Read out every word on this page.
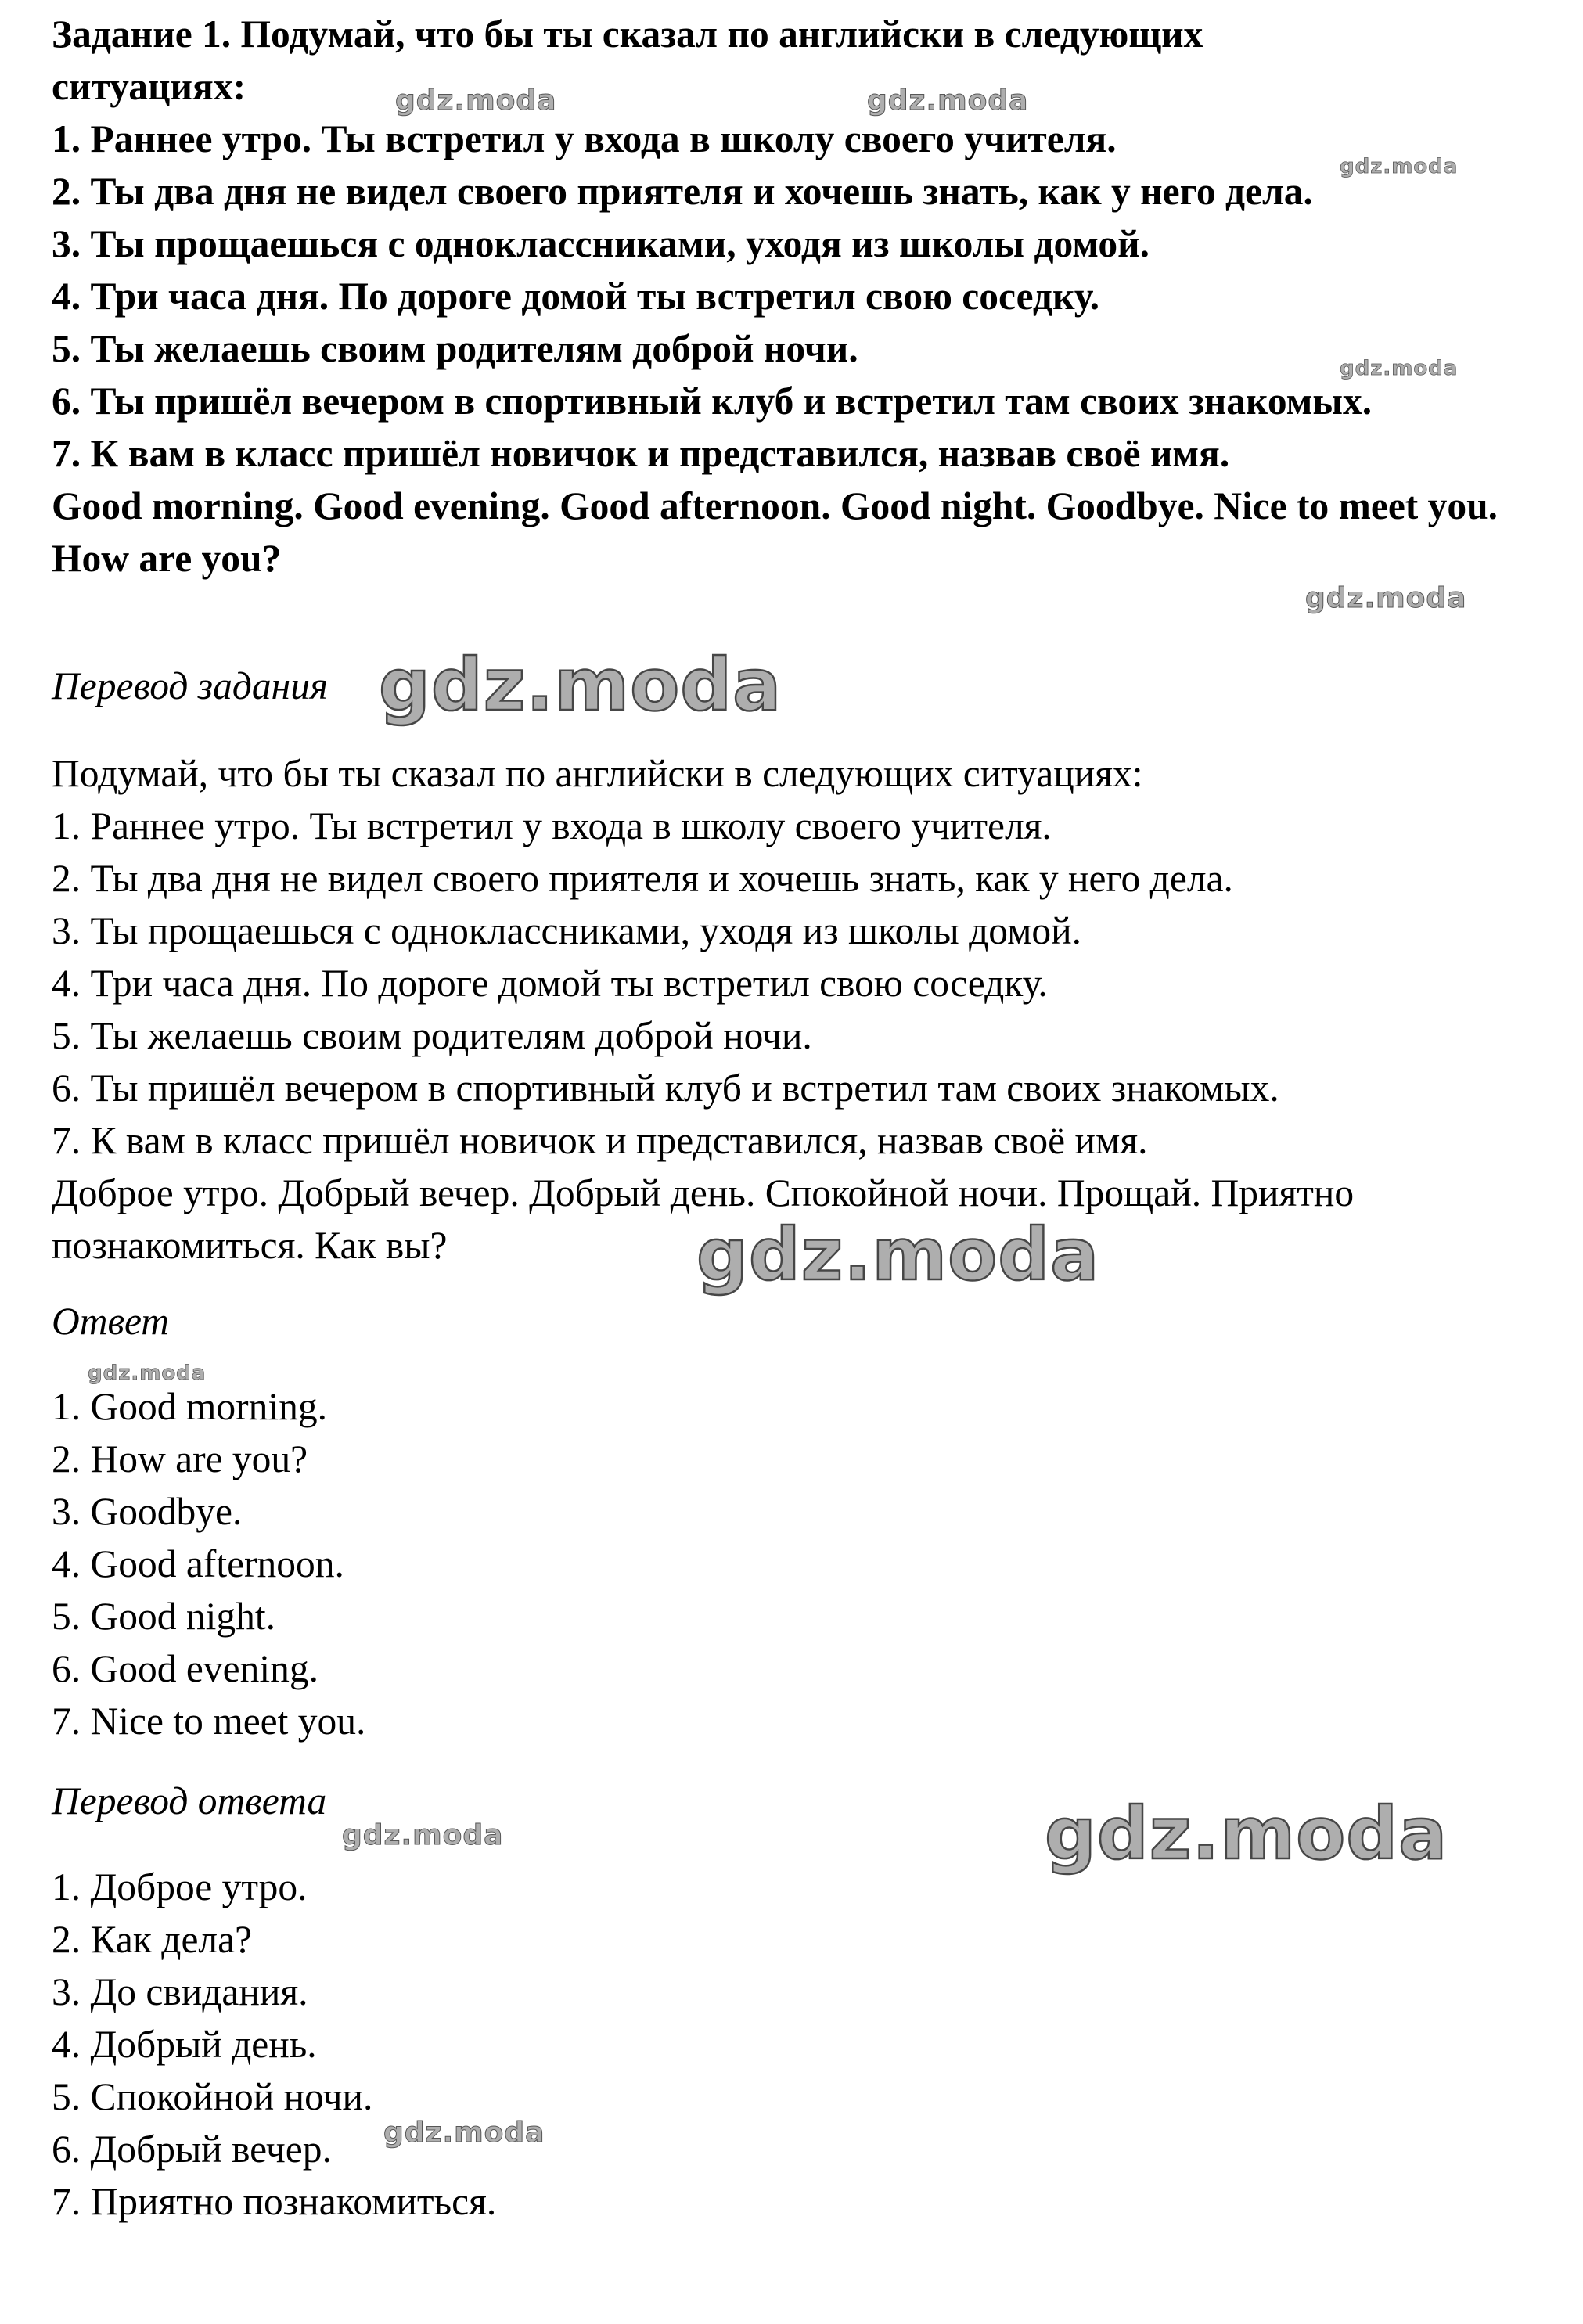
Задание 1. Подумай, что бы ты сказал по английски в следующих
ситуациях:
1. Раннее утро. Ты встретил у входа в школу своего учителя.
2. Ты два дня не видел своего приятеля и хочешь знать, как у него дела.
3. Ты прощаешься с одноклассниками, уходя из школы домой.
4. Три часа дня. По дороге домой ты встретил свою соседку.
5. Ты желаешь своим родителям доброй ночи.
6. Ты пришёл вечером в спортивный клуб и встретил там своих знакомых.
7. К вам в класс пришёл новичок и представился, назвав своё имя.
Good morning. Good evening. Good afternoon. Good night. Goodbye. Nice to meet you. How are you?
Перевод задания
Подумай, что бы ты сказал по английски в следующих ситуациях:
1. Раннее утро. Ты встретил у входа в школу своего учителя.
2. Ты два дня не видел своего приятеля и хочешь знать, как у него дела.
3. Ты прощаешься с одноклассниками, уходя из школы домой.
4. Три часа дня. По дороге домой ты встретил свою соседку.
5. Ты желаешь своим родителям доброй ночи.
6. Ты пришёл вечером в спортивный клуб и встретил там своих знакомых.
7. К вам в класс пришёл новичок и представился, назвав своё имя.
Доброе утро. Добрый вечер. Добрый день. Спокойной ночи. Прощай. Приятно познакомиться. Как вы?
Ответ
1. Good morning.
2. How are you?
3. Goodbye.
4. Good afternoon.
5. Good night.
6. Good evening.
7. Nice to meet you.
Перевод ответа
1. Доброе утро.
2. Как дела?
3. До свидания.
4. Добрый день.
5. Спокойной ночи.
6. Добрый вечер.
7. Приятно познакомиться.
gdz.moda	gdz.moda
gdz.moda
gdz.moda
gdz.moda
gdz.moda
gdz.moda
gdz.moda
gdz.moda	gdz.moda
gdz.moda
